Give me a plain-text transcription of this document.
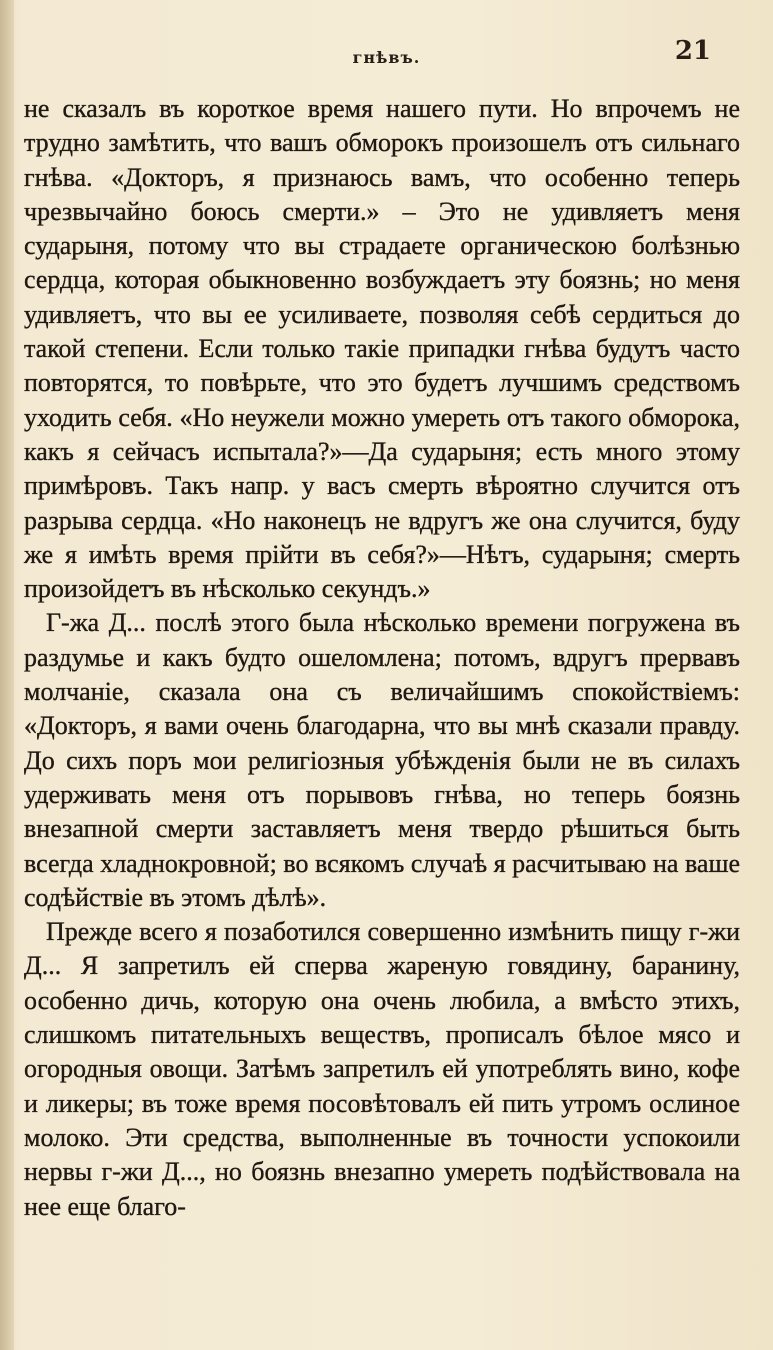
гнѣвъ.	21

не сказалъ въ короткое время нашего пути. Но впрочемъ не трудно замѣтить, что вашъ обморокъ произошелъ отъ сильнаго гнѣва. «Докторъ, я признаюсь вамъ, что особенно теперь чрезвычайно боюсь смерти.» – Это не удивляетъ меня сударыня, потому что вы страдаете органическою болѣзнью сердца, которая обыкновенно возбуждаетъ эту боязнь; но меня удивляетъ, что вы ее усиливаете, позволяя себѣ сердиться до такой степени. Если только такіе припадки гнѣва будутъ часто повторятся, то повѣрьте, что это будетъ лучшимъ средствомъ уходить себя. «Но неужели можно умереть отъ такого обморока, какъ я сейчасъ испытала?»—Да сударыня; есть много этому примѣровъ. Такъ напр. у васъ смерть вѣроятно случится отъ разрыва сердца. «Но наконецъ не вдругъ же она случится, буду же я имѣть время прійти въ себя?»—Нѣтъ, сударыня; смерть произойдетъ въ нѣсколько секундъ.»

Г-жа Д... послѣ этого была нѣсколько времени погружена въ раздумье и какъ будто ошеломлена; потомъ, вдругъ прервавъ молчаніе, сказала она съ величайшимъ спокойствіемъ: «Докторъ, я вами очень благодарна, что вы мнѣ сказали правду. До сихъ поръ мои религіозныя убѣжденія были не въ силахъ удерживать меня отъ порывовъ гнѣва, но теперь боязнь внезапной смерти заставляетъ меня твердо рѣшиться быть всегда хладнокровной; во всякомъ случаѣ я расчитываю на ваше содѣйствіе въ этомъ дѣлѣ».

Прежде всего я позаботился совершенно измѣнить пищу г-жи Д... Я запретилъ ей сперва жареную говядину, баранину, особенно дичь, которую она очень любила, а вмѣсто этихъ, слишкомъ питательныхъ веществъ, прописалъ бѣлое мясо и огородныя овощи. Затѣмъ запретилъ ей употреблять вино, кофе и ликеры; въ тоже время посовѣтовалъ ей пить утромъ ослиное молоко. Эти средства, выполненные въ точности успокоили нервы г-жи Д..., но боязнь внезапно умереть подѣйствовала на нее еще благо-
